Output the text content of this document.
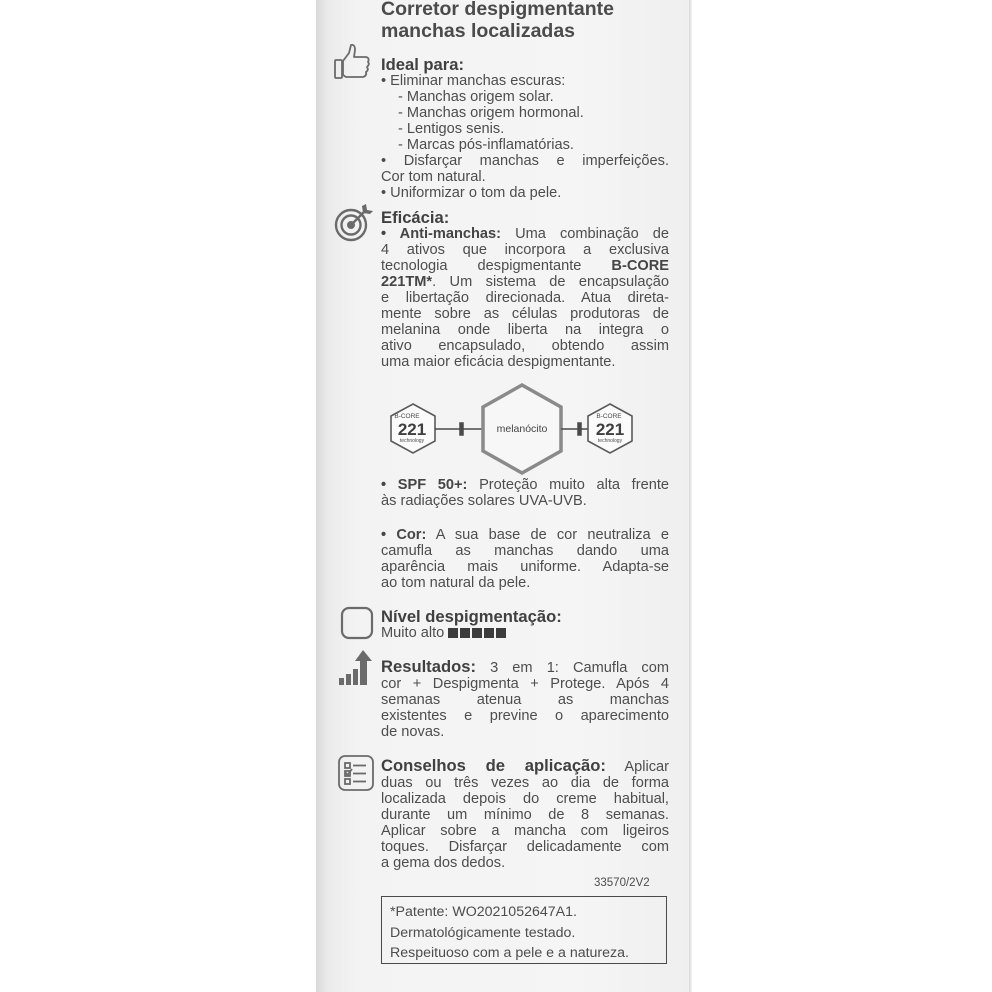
Corretor despigmentante
manchas localizadas
Ideal para:
• Eliminar manchas escuras:
- Manchas origem solar.
- Manchas origem hormonal.
- Lentigos senis.
- Marcas pós-inflamatórias.
• Disfarçar manchas e imperfeições.
Cor tom natural.
• Uniformizar o tom da pele.
Eficácia:
• Anti-manchas: Uma combinação de
4 ativos que incorpora a exclusiva
tecnologia despigmentante B-CORE
221TM*. Um sistema de encapsulação
e libertação direcionada. Atua direta-
mente sobre as células produtoras de
melanina onde liberta na integra o
ativo encapsulado, obtendo assim
uma maior eficácia despigmentante.
B-CORE
221
technology
melanócito
B-CORE
221
technology
• SPF 50+: Proteção muito alta frente
às radiações solares UVA-UVB.
• Cor: A sua base de cor neutraliza e
camufla as manchas dando uma
aparência mais uniforme. Adapta-se
ao tom natural da pele.
Nível despigmentação:
Muito alto
Resultados: 3 em 1: Camufla com
cor + Despigmenta + Protege. Após 4
semanas atenua as manchas
existentes e previne o aparecimento
de novas.
Conselhos de aplicação: Aplicar
duas ou três vezes ao dia de forma
localizada depois do creme habitual,
durante um mínimo de 8 semanas.
Aplicar sobre a mancha com ligeiros
toques. Disfarçar delicadamente com
a gema dos dedos.
33570/2V2
*Patente: WO2021052647A1.
Dermatológicamente testado.
Respeituoso com a pele e a natureza.
